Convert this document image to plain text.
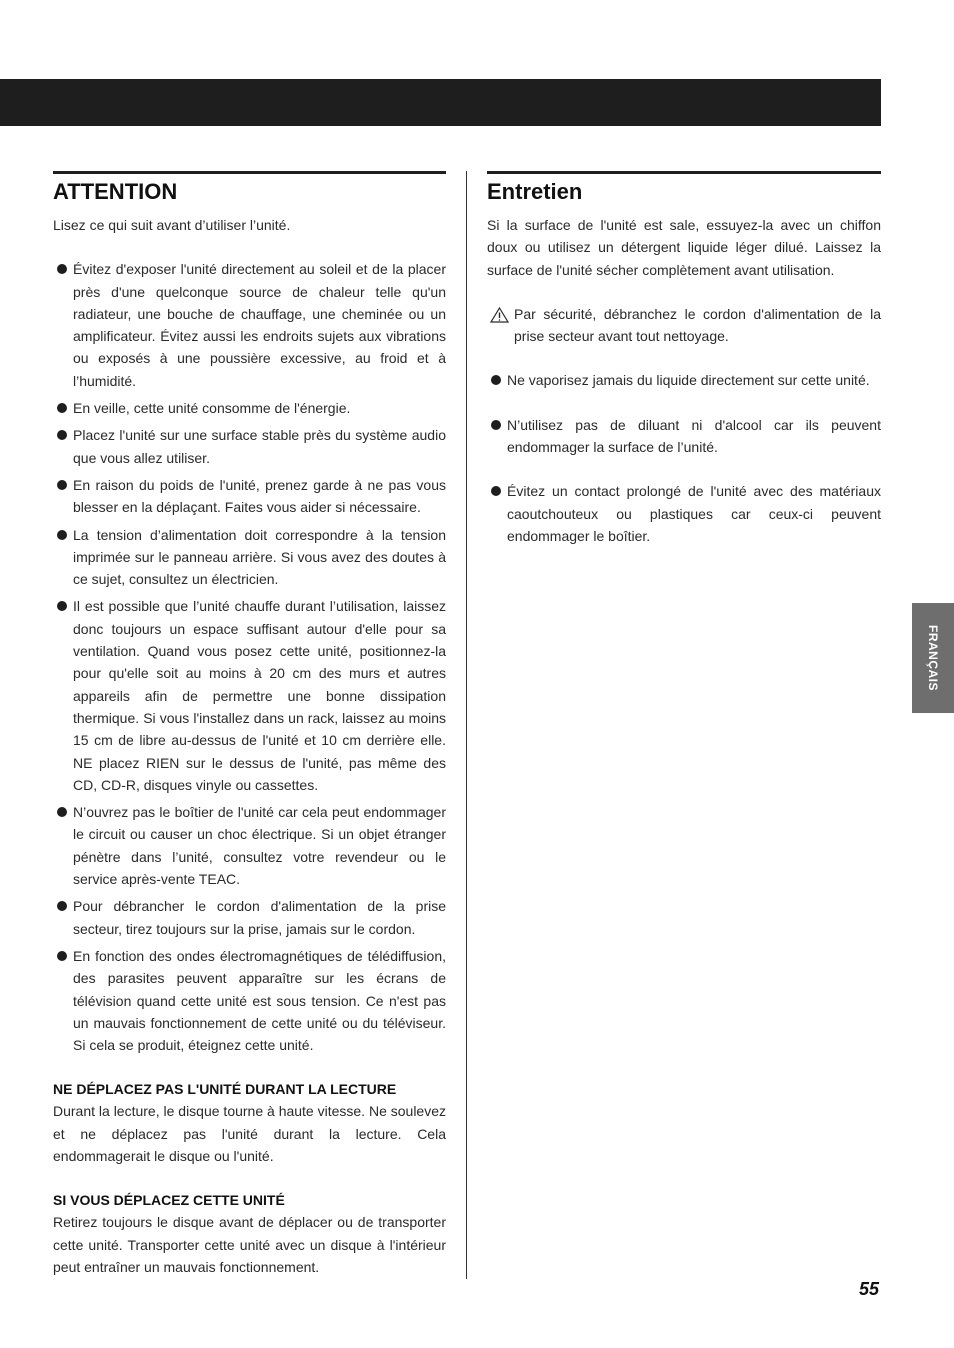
ATTENTION

Lisez ce qui suit avant d’utiliser l’unité.

Évitez d'exposer l'unité directement au soleil et de la placer près d'une quelconque source de chaleur telle qu'un radiateur, une bouche de chauffage, une cheminée ou un amplificateur. Évitez aussi les endroits sujets aux vibrations ou exposés à une poussière excessive, au froid et à l’humidité.
En veille, cette unité consomme de l'énergie.
Placez l'unité sur une surface stable près du système audio que vous allez utiliser.
En raison du poids de l'unité, prenez garde à ne pas vous blesser en la déplaçant. Faites vous aider si nécessaire.
La tension d’alimentation doit correspondre à la tension imprimée sur le panneau arrière. Si vous avez des doutes à ce sujet, consultez un électricien.
Il est possible que l’unité chauffe durant l’utilisation, laissez donc toujours un espace suffisant autour d'elle pour sa ventilation. Quand vous posez cette unité, positionnez-la pour qu'elle soit au moins à 20 cm des murs et autres appareils afin de permettre une bonne dissipation thermique. Si vous l'installez dans un rack, laissez au moins 15 cm de libre au-dessus de l'unité et 10 cm derrière elle. NE placez RIEN sur le dessus de l'unité, pas même des CD, CD-R, disques vinyle ou cassettes.
N’ouvrez pas le boîtier de l'unité car cela peut endommager le circuit ou causer un choc électrique. Si un objet étranger pénètre dans l’unité, consultez votre revendeur ou le service après-vente TEAC.
Pour débrancher le cordon d'alimentation de la prise secteur, tirez toujours sur la prise, jamais sur le cordon.
En fonction des ondes électromagnétiques de télédiffusion, des parasites peuvent apparaître sur les écrans de télévision quand cette unité est sous tension. Ce n'est pas un mauvais fonctionnement de cette unité ou du téléviseur. Si cela se produit, éteignez cette unité.
NE DÉPLACEZ PAS L'UNITÉ DURANT LA LECTURE

Durant la lecture, le disque tourne à haute vitesse. Ne soulevez et ne déplacez pas l'unité durant la lecture. Cela endommagerait le disque ou l'unité.

SI VOUS DÉPLACEZ CETTE UNITÉ

Retirez toujours le disque avant de déplacer ou de transporter cette unité. Transporter cette unité avec un disque à l'intérieur peut entraîner un mauvais fonctionnement.

Entretien

Si la surface de l'unité est sale, essuyez-la avec un chiffon doux ou utilisez un détergent liquide léger dilué. Laissez la surface de l'unité sécher complètement avant utilisation.

Par sécurité, débranchez le cordon d'alimentation de la prise secteur avant tout nettoyage.
Ne vaporisez jamais du liquide directement sur cette unité.
N’utilisez pas de diluant ni d'alcool car ils peuvent endommager la surface de l’unité.
Évitez un contact prolongé de l'unité avec des matériaux caoutchouteux ou plastiques car ceux-ci peuvent endommager le boîtier.
FRANÇAIS
55
